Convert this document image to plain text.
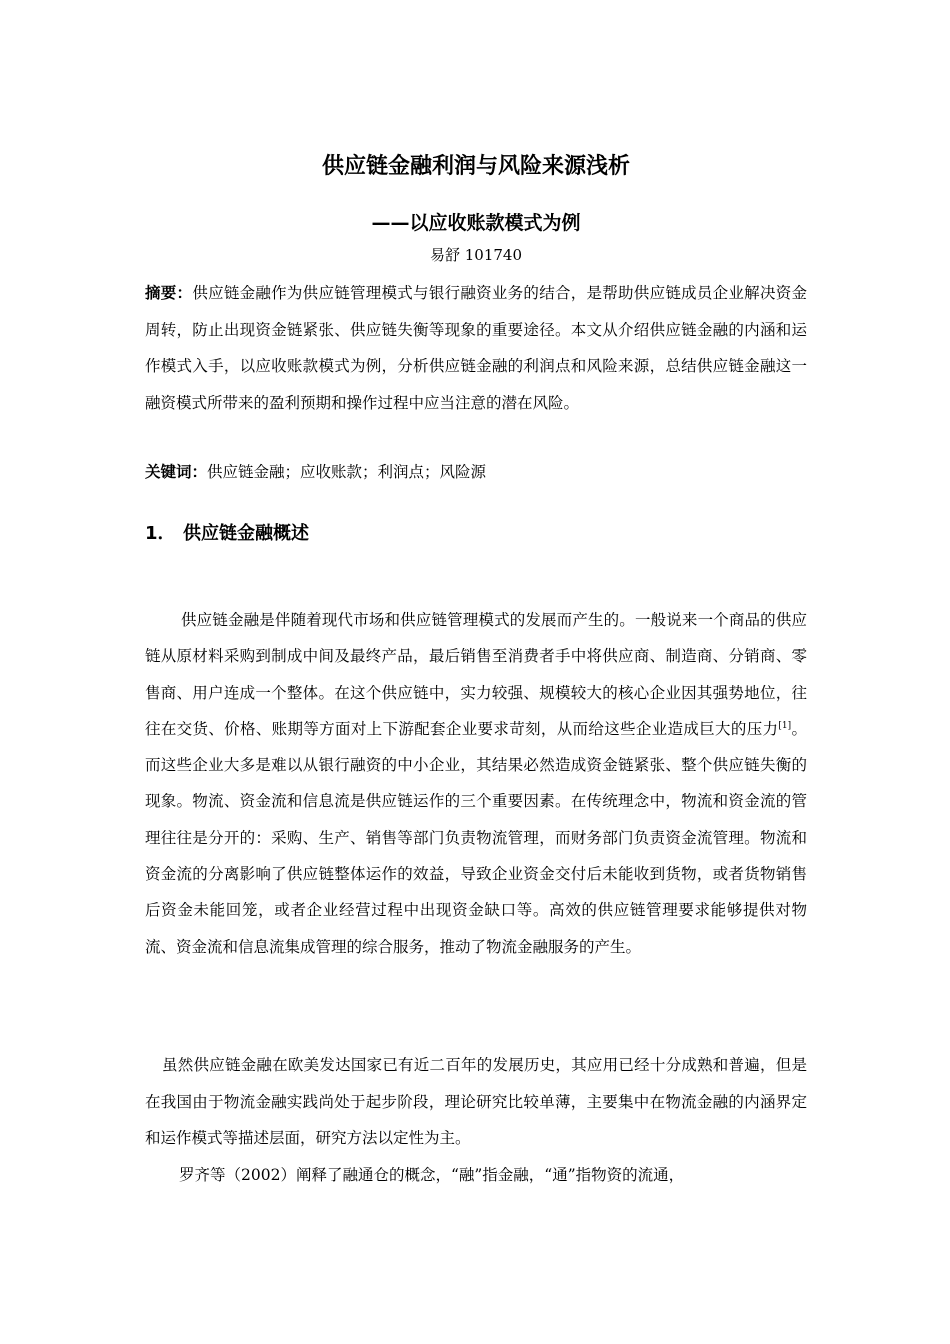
供应链金融利润与风险来源浅析
——以应收账款模式为例
易舒 101740
摘要：供应链金融作为供应链管理模式与银行融资业务的结合，是帮助供应链成员企业解决资金周转，防止出现资金链紧张、供应链失衡等现象的重要途径。本文从介绍供应链金融的内涵和运作模式入手，以应收账款模式为例，分析供应链金融的利润点和风险来源，总结供应链金融这一融资模式所带来的盈利预期和操作过程中应当注意的潜在风险。
关键词：供应链金融；应收账款；利润点；风险源
1． 供应链金融概述
供应链金融是伴随着现代市场和供应链管理模式的发展而产生的。一般说来一个商品的供应链从原材料采购到制成中间及最终产品，最后销售至消费者手中将供应商、制造商、分销商、零售商、用户连成一个整体。在这个供应链中，实力较强、规模较大的核心企业因其强势地位，往往在交货、价格、账期等方面对上下游配套企业要求苛刻，从而给这些企业造成巨大的压力[1]。而这些企业大多是难以从银行融资的中小企业，其结果必然造成资金链紧张、整个供应链失衡的现象。物流、资金流和信息流是供应链运作的三个重要因素。在传统理念中，物流和资金流的管理往往是分开的：采购、生产、销售等部门负责物流管理，而财务部门负责资金流管理。物流和资金流的分离影响了供应链整体运作的效益，导致企业资金交付后未能收到货物，或者货物销售后资金未能回笼，或者企业经营过程中出现资金缺口等。高效的供应链管理要求能够提供对物流、资金流和信息流集成管理的综合服务，推动了物流金融服务的产生。
虽然供应链金融在欧美发达国家已有近二百年的发展历史，其应用已经十分成熟和普遍，但是在我国由于物流金融实践尚处于起步阶段，理论研究比较单薄，主要集中在物流金融的内涵界定和运作模式等描述层面，研究方法以定性为主。
罗齐等（2002）阐释了融通仓的概念，“融”指金融，“通”指物资的流通，
